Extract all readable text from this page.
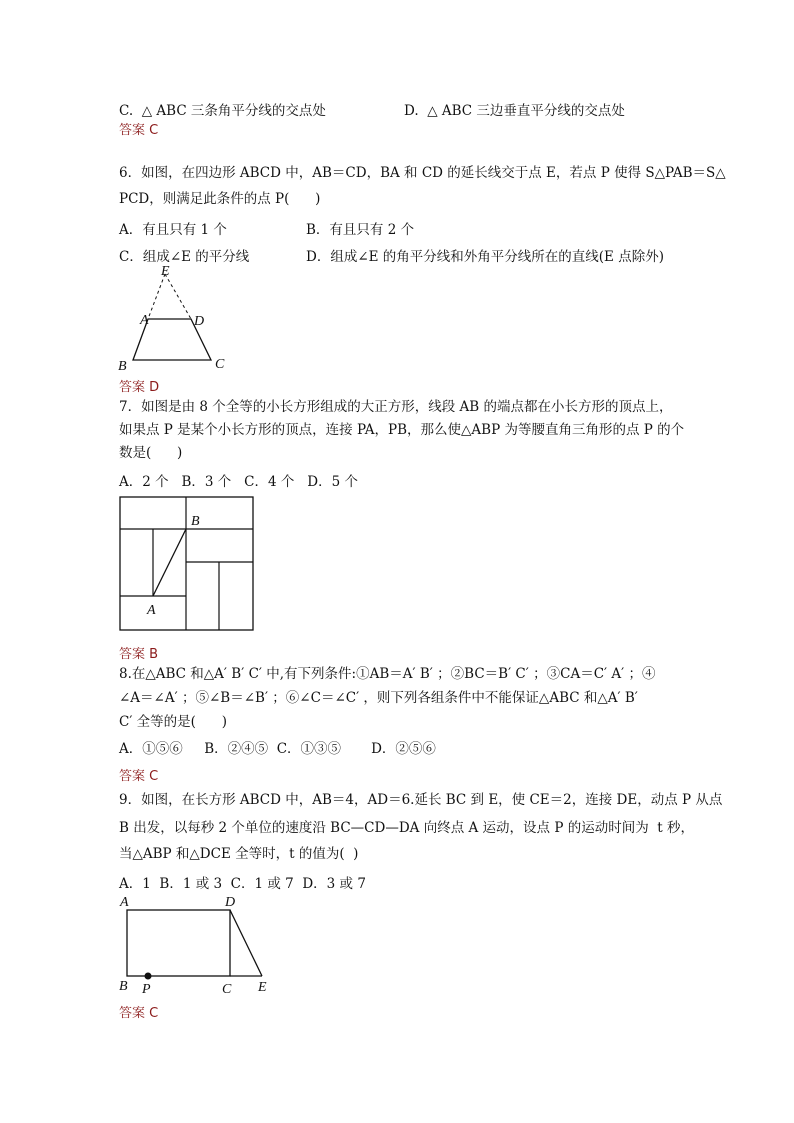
C.  △ ABC 三条角平分线的交点处	D.  △ ABC 三边垂直平分线的交点处
答案 C
6．如图，在四边形 ABCD 中，AB＝CD，BA 和 CD 的延长线交于点 E，若点 P 使得 S△PAB＝S△
PCD，则满足此条件的点 P(      )
A．有且只有 1 个	B．有且只有 2 个
C．组成∠E 的平分线	D．组成∠E 的角平分线和外角平分线所在的直线(E 点除外)
E
A	D
B	C
答案 D
7．如图是由 8 个全等的小长方形组成的大正方形，线段 AB 的端点都在小长方形的顶点上，
如果点 P 是某个小长方形的顶点，连接 PA，PB，那么使△ABP 为等腰直角三角形的点 P 的个
数是(      )
A．2 个   B．3 个   C．4 个   D．5 个
B
A
答案 B
8.在△ABC 和△A′ B′ C′ 中,有下列条件:①AB＝A′ B′ ；②BC＝B′ C′ ；③CA＝C′ A′ ；④
∠A＝∠A′ ；⑤∠B＝∠B′ ；⑥∠C＝∠C′ ，则下列各组条件中不能保证△ABC 和△A′ B′
C′ 全等的是(      )
A．①⑤⑥     B．②④⑤  C．①③⑤       D．②⑤⑥
答案 C
9．如图，在长方形 ABCD 中，AB＝4，AD＝6.延长 BC 到 E，使 CE＝2，连接 DE，动点 P 从点
B 出发，以每秒 2 个单位的速度沿 BC—CD—DA 向终点 A 运动，设点 P 的运动时间为  t 秒，
当△ABP 和△DCE 全等时，t 的值为(  )
A．1  B．1 或 3  C．1 或 7  D．3 或 7
A	D
B P	C E
答案 C
